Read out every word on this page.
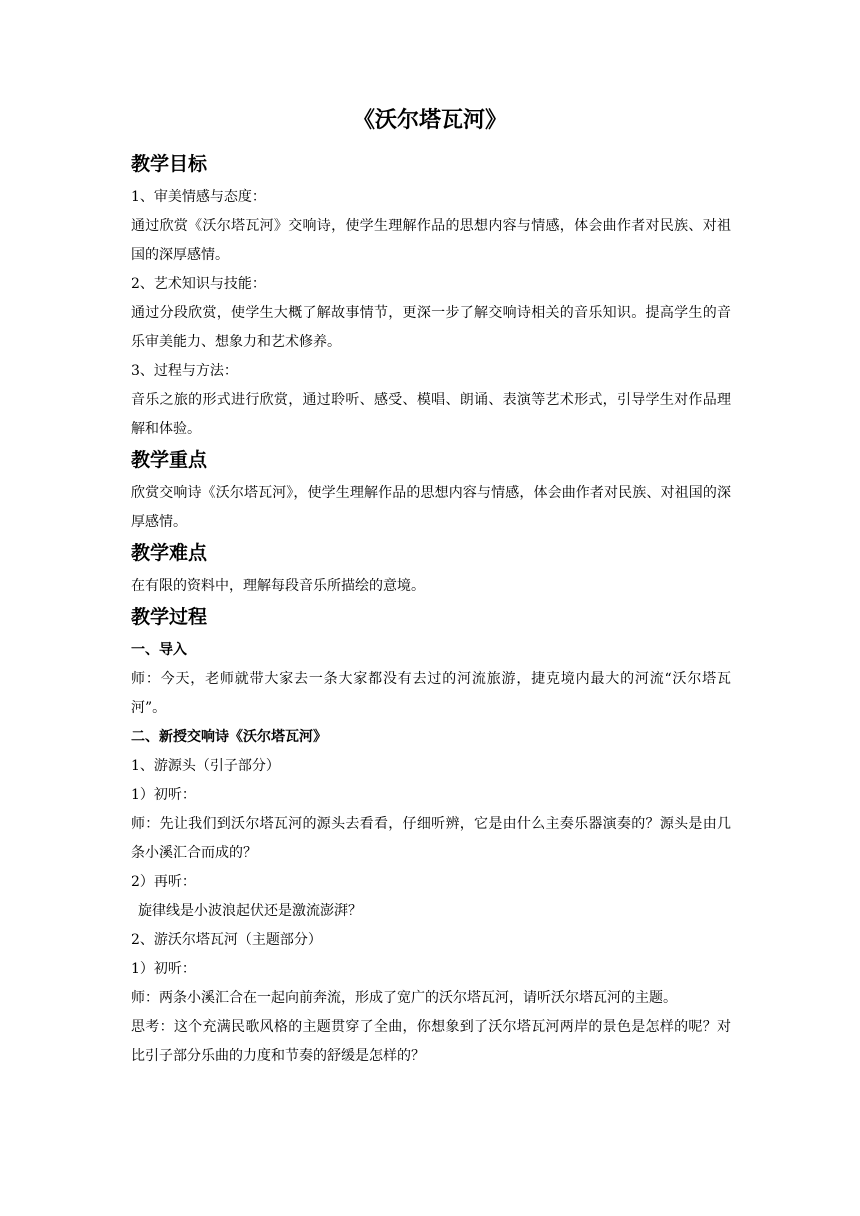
《沃尔塔瓦河》
教学目标

1、审美情感与态度：

通过欣赏《沃尔塔瓦河》交响诗，使学生理解作品的思想内容与情感，体会曲作者对民族、对祖国的深厚感情。

2、艺术知识与技能：

通过分段欣赏，使学生大概了解故事情节，更深一步了解交响诗相关的音乐知识。提高学生的音乐审美能力、想象力和艺术修养。

3、过程与方法：

音乐之旅的形式进行欣赏，通过聆听、感受、模唱、朗诵、表演等艺术形式，引导学生对作品理解和体验。

教学重点

欣赏交响诗《沃尔塔瓦河》，使学生理解作品的思想内容与情感，体会曲作者对民族、对祖国的深厚感情。

教学难点

在有限的资料中，理解每段音乐所描绘的意境。

教学过程

一、导入

师：今天，老师就带大家去一条大家都没有去过的河流旅游，捷克境内最大的河流“沃尔塔瓦河”。

二、新授交响诗《沃尔塔瓦河》

1、游源头（引子部分）

1）初听：

师：先让我们到沃尔塔瓦河的源头去看看，仔细听辨，它是由什么主奏乐器演奏的？源头是由几条小溪汇合而成的？

2）再听：

旋律线是小波浪起伏还是激流澎湃？

2、游沃尔塔瓦河（主题部分）

1）初听：

师：两条小溪汇合在一起向前奔流，形成了宽广的沃尔塔瓦河，请听沃尔塔瓦河的主题。

思考：这个充满民歌风格的主题贯穿了全曲，你想象到了沃尔塔瓦河两岸的景色是怎样的呢？对比引子部分乐曲的力度和节奏的舒缓是怎样的？
